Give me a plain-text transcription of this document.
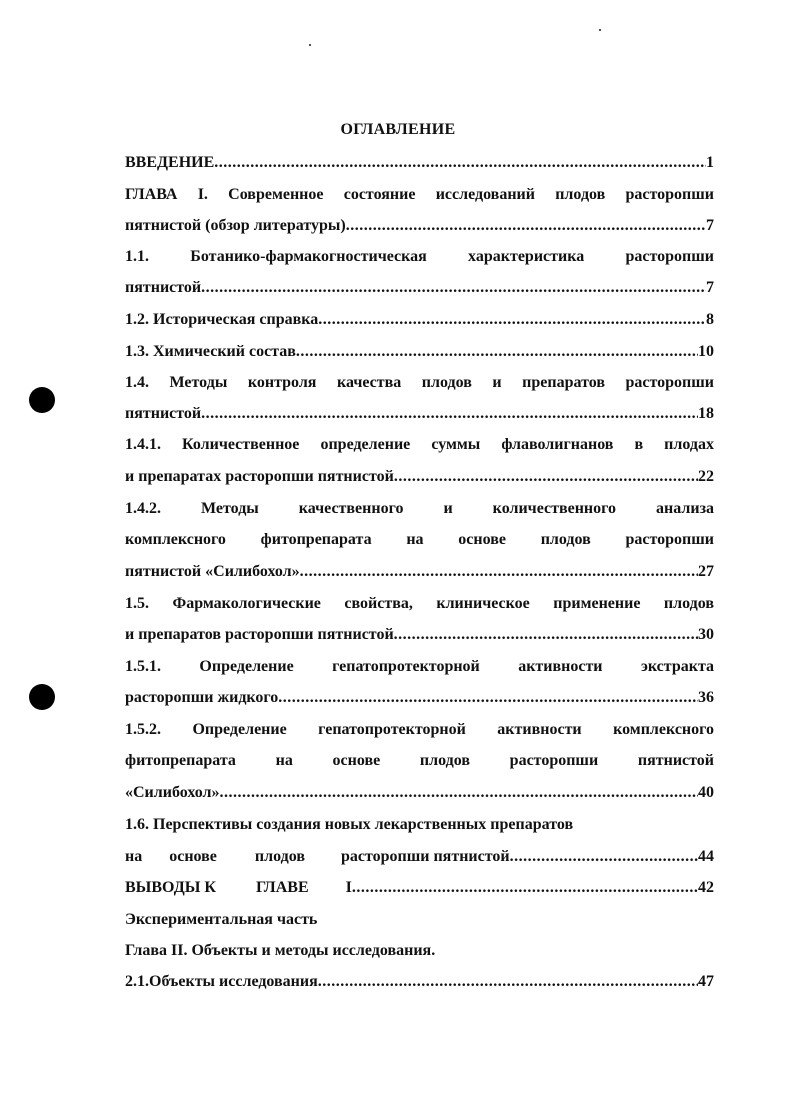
ОГЛАВЛЕНИЕ
ВВЕДЕНИЕ .....	1
ГЛАВА I. Современное состояние исследований плодов расторопши
пятнистой (обзор литературы) .....	7
1.1. Ботанико-фармакогностическая характеристика расторопши
пятнистой .....	7
1.2. Историческая справка .....	8
1.3. Химический состав .....	10
1.4. Методы контроля качества плодов и препаратов расторопши
пятнистой .....	18
1.4.1. Количественное определение суммы флаволигнанов в плодах
и препаратах расторопши пятнистой .....	22
1.4.2. Методы качественного и количественного анализа
комплексного фитопрепарата на основе плодов расторопши
пятнистой «Силибохол» .....	27
1.5. Фармакологические свойства, клиническое применение плодов
и препаратов расторопши пятнистой .....	30
1.5.1. Определение гепатопротекторной активности экстракта
расторопши жидкого .....	36
1.5.2. Определение гепатопротекторной активности комплексного
фитопрепарата на основе плодов расторопши пятнистой
«Силибохол» .....	40
1.6. Перспективы создания новых лекарственных препаратов
на основе плодов расторопши пятнистой .....	44
ВЫВОДЫ К	ГЛАВЕ I .....	42
Экспериментальная часть
Глава II. Объекты и методы исследования.
2.1.Объекты исследования .....	47
